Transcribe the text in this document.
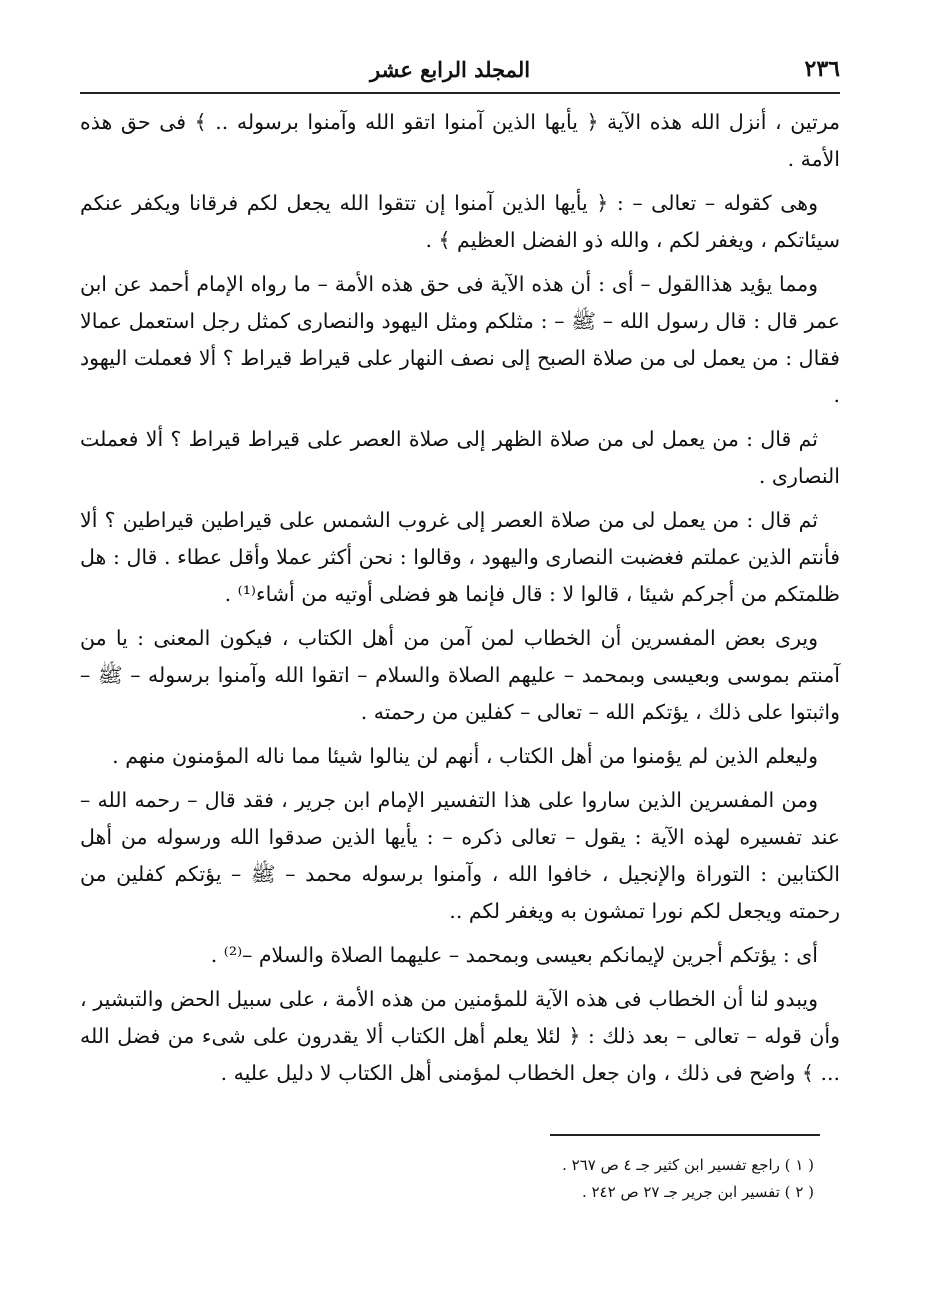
٢٣٦
المجلد الرابع عشر

مرتين ، أنزل الله هذه الآية ﴿ يأيها الذين آمنوا اتقو الله وآمنوا برسوله .. ﴾ فى حق هذه الأمة .

وهى كقوله – تعالى – : ﴿ يأيها الذين آمنوا إن تتقوا الله يجعل لكم فرقانا ويكفر عنكم سيئاتكم ، ويغفر لكم ، والله ذو الفضل العظيم ﴾ .

ومما يؤيد هذاالقول – أى : أن هذه الآية فى حق هذه الأمة – ما رواه الإمام أحمد عن ابن عمر قال : قال رسول الله – ﷺ – : مثلكم ومثل اليهود والنصارى كمثل رجل استعمل عمالا فقال : من يعمل لى من صلاة الصبح إلى نصف النهار على قيراط قيراط ؟ ألا فعملت اليهود .

ثم قال : من يعمل لى من صلاة الظهر إلى صلاة العصر على قيراط قيراط ؟ ألا فعملت النصارى .

ثم قال : من يعمل لى من صلاة العصر إلى غروب الشمس على قيراطين قيراطين ؟ ألا فأنتم الذين عملتم فغضبت النصارى واليهود ، وقالوا : نحن أكثر عملا وأقل عطاء . قال : هل ظلمتكم من أجركم شيئا ، قالوا لا : قال فإنما هو فضلى أوتيه من أشاء⁽¹⁾ .

ويرى بعض المفسرين أن الخطاب لمن آمن من أهل الكتاب ، فيكون المعنى : يا من آمنتم بموسى وبعيسى وبمحمد – عليهم الصلاة والسلام – اتقوا الله وآمنوا برسوله – ﷺ – واثبتوا على ذلك ، يؤتكم الله – تعالى – كفلين من رحمته .

وليعلم الذين لم يؤمنوا من أهل الكتاب ، أنهم لن ينالوا شيئا مما ناله المؤمنون منهم .

ومن المفسرين الذين ساروا على هذا التفسير الإمام ابن جرير ، فقد قال – رحمه الله – عند تفسيره لهذه الآية : يقول – تعالى ذكره – : يأيها الذين صدقوا الله ورسوله من أهل الكتابين : التوراة والإنجيل ، خافوا الله ، وآمنوا برسوله محمد – ﷺ – يؤتكم كفلين من رحمته ويجعل لكم نورا تمشون به ويغفر لكم ..

أى : يؤتكم أجرين لإيمانكم بعيسى وبمحمد – عليهما الصلاة والسلام –⁽²⁾ .

ويبدو لنا أن الخطاب فى هذه الآية للمؤمنين من هذه الأمة ، على سبيل الحض والتبشير ، وأن قوله – تعالى – بعد ذلك : ﴿ لئلا يعلم أهل الكتاب ألا يقدرون على شىء من فضل الله ... ﴾ واضح فى ذلك ، وان جعل الخطاب لمؤمنى أهل الكتاب لا دليل عليه .

( ١ ) راجع تفسير ابن كثير جـ ٤ ص ٢٦٧ .
( ٢ ) تفسير ابن جرير جـ ٢٧ ص ٢٤٢ .
